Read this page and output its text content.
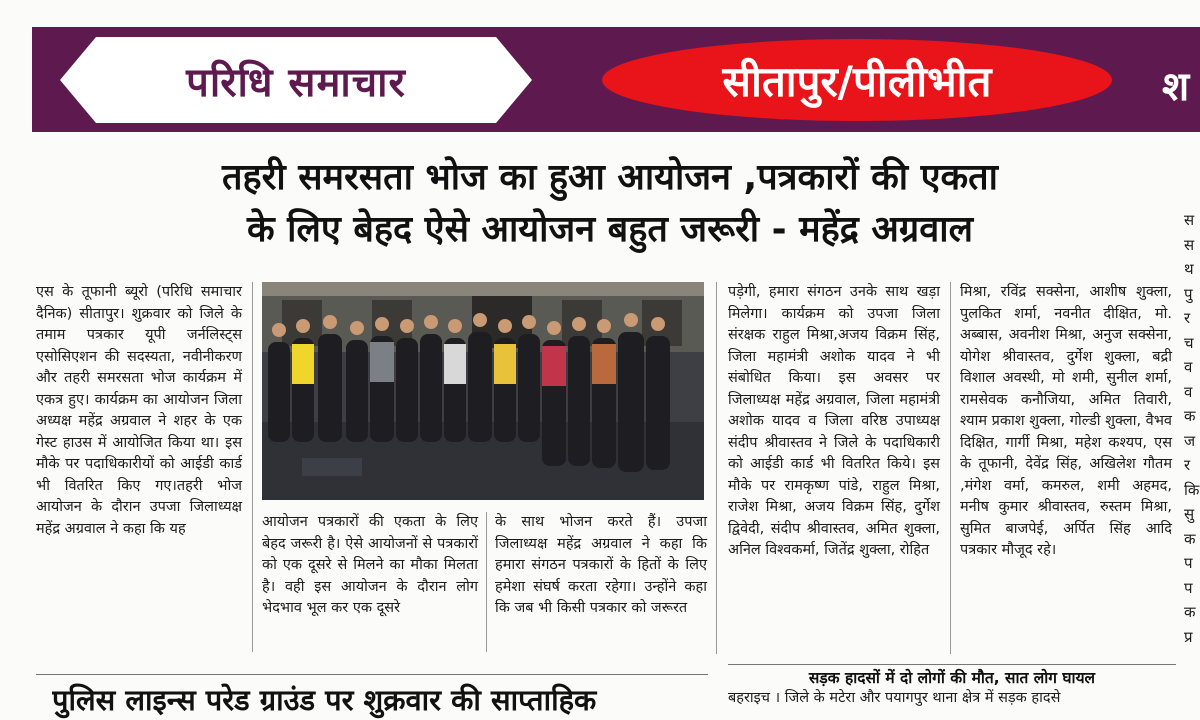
परिधि समाचार	सीतापुर/पीलीभीत	श
तहरी समरसता भोज का हुआ आयोजन ,पत्रकारों की एकता
के लिए बेहद ऐसे आयोजन बहुत जरूरी - महेंद्र अग्रवाल

एस के तूफानी ब्यूरो (परिधि समाचार दैनिक) सीतापुर। शुक्रवार को जिले के तमाम पत्रकार यूपी जर्नलिस्ट्स एसोसिएशन की सदस्यता, नवीनीकरण और तहरी समरसता भोज कार्यक्रम में एकत्र हुए। कार्यक्रम का आयोजन जिला अध्यक्ष महेंद्र अग्रवाल ने शहर के एक गेस्ट हाउस में आयोजित किया था। इस मौके पर पदाधिकारीयों को आईडी कार्ड भी वितरित किए गए।तहरी भोज आयोजन के दौरान उपजा जिलाध्यक्ष महेंद्र अग्रवाल ने कहा कि यह	आयोजन पत्रकारों की एकता के लिए बेहद जरूरी है। ऐसे आयोजनों से पत्रकारों को एक दूसरे से मिलने का मौका मिलता है। वही इस आयोजन के दौरान लोग भेदभाव भूल कर एक दूसरे

के साथ भोजन करते हैं। उपजा जिलाध्यक्ष महेंद्र अग्रवाल ने कहा कि हमारा संगठन पत्रकारों के हितों के लिए हमेशा संघर्ष करता रहेगा। उन्होंने कहा कि जब भी किसी पत्रकार को जरूरत

पड़ेगी, हमारा संगठन उनके साथ खड़ा मिलेगा। कार्यक्रम को उपजा जिला संरक्षक राहुल मिश्रा,अजय विक्रम सिंह, जिला महामंत्री अशोक यादव ने भी संबोधित किया। इस अवसर पर जिलाध्यक्ष महेंद्र अग्रवाल, जिला महामंत्री अशोक यादव व जिला वरिष्ठ उपाध्यक्ष संदीप श्रीवास्तव ने जिले के पदाधिकारी को आईडी कार्ड भी वितरित किये। इस मौके पर रामकृष्ण पांडे, राहुल मिश्रा, राजेश मिश्रा, अजय विक्रम सिंह, दुर्गेश द्विवेदी, संदीप श्रीवास्तव, अमित शुक्ला, अनिल विश्वकर्मा, जितेंद्र शुक्ला, रोहित

मिश्रा, रविंद्र सक्सेना, आशीष शुक्ला, पुलकित शर्मा, नवनीत दीक्षित, मो. अब्बास, अवनीश मिश्रा, अनुज सक्सेना, योगेश श्रीवास्तव, दुर्गेश शुक्ला, बद्री विशाल अवस्थी, मो शमी, सुनील शर्मा, रामसेवक कनौजिया, अमित तिवारी, श्याम प्रकाश शुक्ला, गोल्डी शुक्ला, वैभव दिक्षित, गार्गी मिश्रा, महेश कश्यप, एस के तूफानी, देवेंद्र सिंह, अखिलेश गौतम ,मंगेश वर्मा, कमरुल, शमी अहमद, मनीष कुमार श्रीवास्तव, रुस्तम मिश्रा, सुमित बाजपेई, अर्पित सिंह आदि पत्रकार मौजूद रहे।

सड़क हादसों में दो लोगों की मौत, सात लोग घायल
बहराइच । जिले के मटेरा और पयागपुर थाना क्षेत्र में सड़क हादसे
पुलिस लाइन्स परेड ग्राउंड पर शुक्रवार की साप्ताहिक
स
स
थ
पु
र
च
व
व
क
ज
र
कि
सु
क
प
प
क
प्र
